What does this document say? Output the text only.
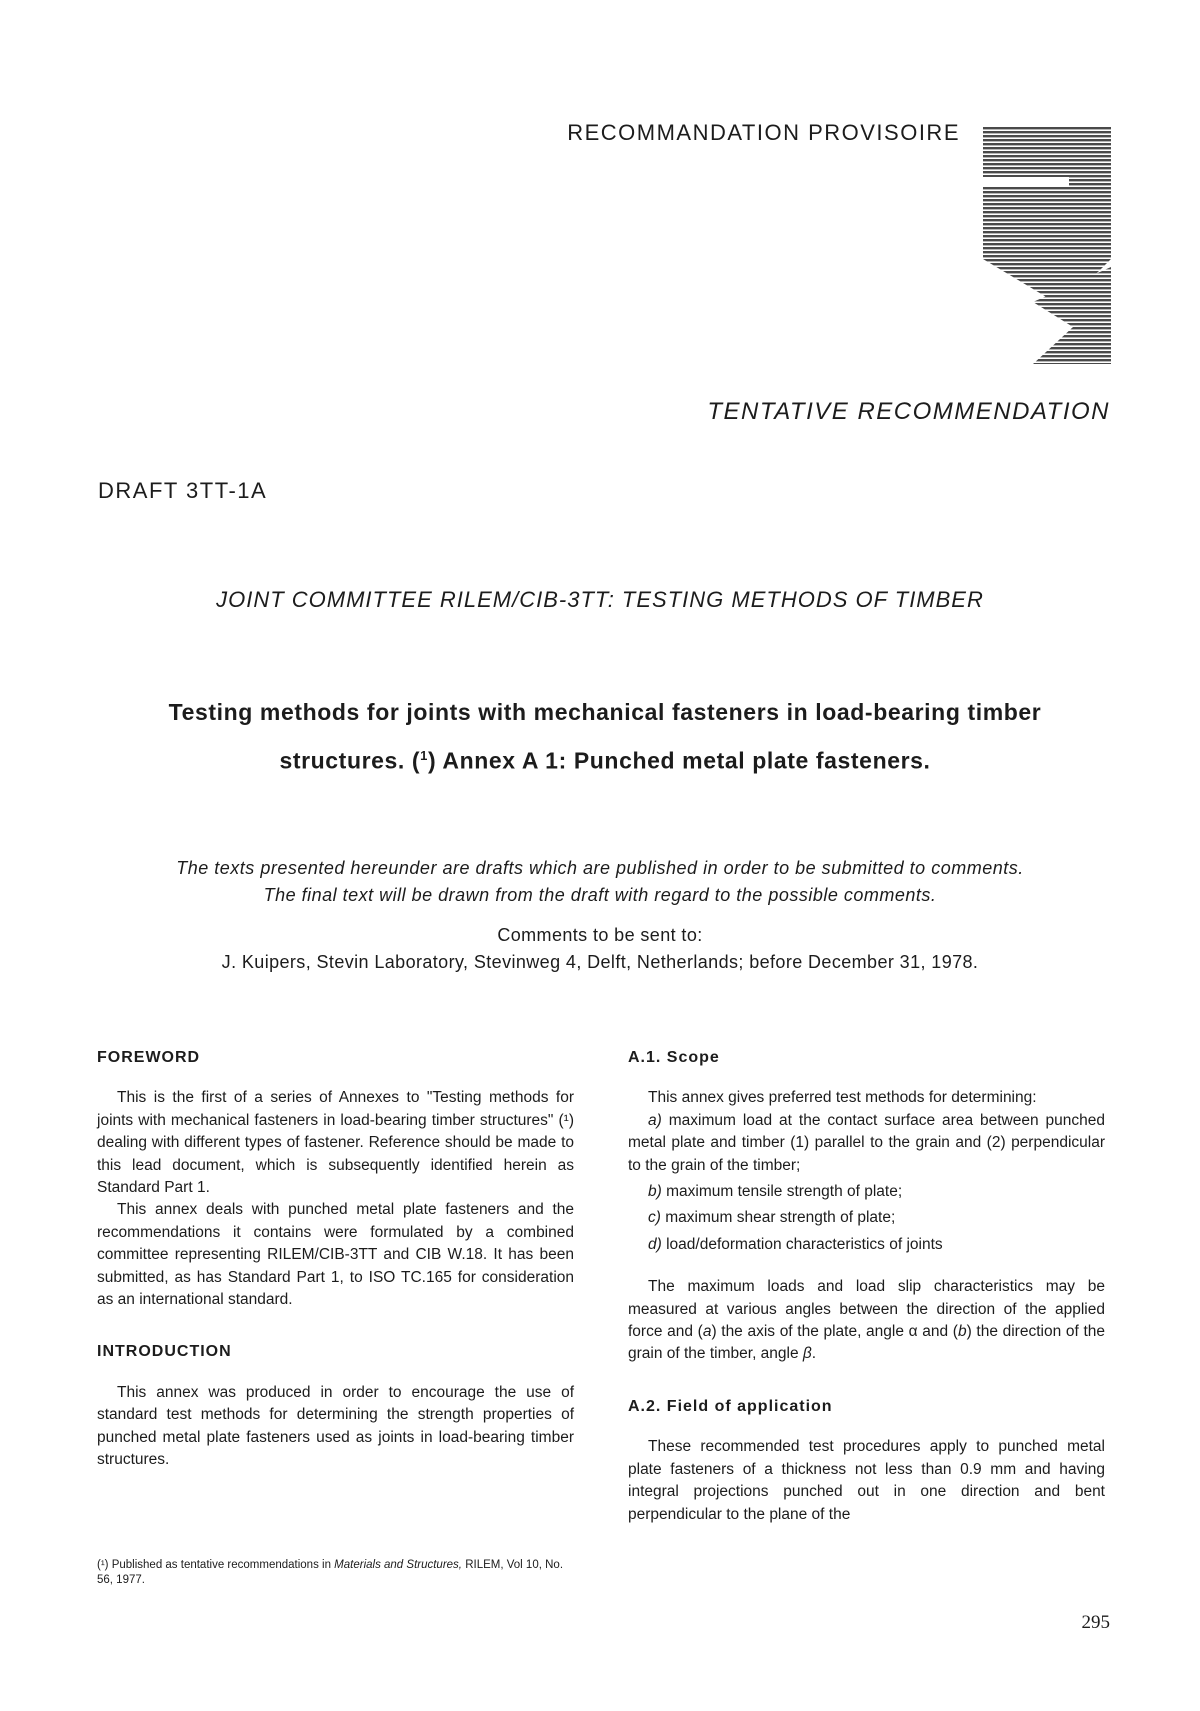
RECOMMANDATION PROVISOIRE
TENTATIVE RECOMMENDATION
DRAFT 3TT-1A
JOINT COMMITTEE RILEM/CIB-3TT: TESTING METHODS OF TIMBER
Testing methods for joints with mechanical fasteners in load-bearing timber
structures. ($^1$) Annex A 1: Punched metal plate fasteners.
The texts presented hereunder are drafts which are published in order to be submitted to comments.
The final text will be drawn from the draft with regard to the possible comments.
Comments to be sent to:
J. Kuipers, Stevin Laboratory, Stevinweg 4, Delft, Netherlands; before December 31, 1978.
FOREWORD

This is the first of a series of Annexes to "Testing methods for joints with mechanical fasteners in load-bearing timber structures" (¹) dealing with different types of fastener. Reference should be made to this lead document, which is subsequently identified herein as Standard Part 1.

This annex deals with punched metal plate fasteners and the recommendations it contains were formulated by a combined committee representing RILEM/CIB-3TT and CIB W.18. It has been submitted, as has Standard Part 1, to ISO TC.165 for consideration as an international standard.

INTRODUCTION

This annex was produced in order to encourage the use of standard test methods for determining the strength properties of punched metal plate fasteners used as joints in load-bearing timber structures.

(¹) Published as tentative recommendations in Materials and Structures, RILEM, Vol 10, No. 56, 1977.
A.1. Scope

This annex gives preferred test methods for determining:

a) maximum load at the contact surface area between punched metal plate and timber (1) parallel to the grain and (2) perpendicular to the grain of the timber;
b) maximum tensile strength of plate;
c) maximum shear strength of plate;
d) load/deformation characteristics of joints

The maximum loads and load slip characteristics may be measured at various angles between the direction of the applied force and (a) the axis of the plate, angle α and (b) the direction of the grain of the timber, angle β.

A.2. Field of application

These recommended test procedures apply to punched metal plate fasteners of a thickness not less than 0.9 mm and having integral projections punched out in one direction and bent perpendicular to the plane of the

295
